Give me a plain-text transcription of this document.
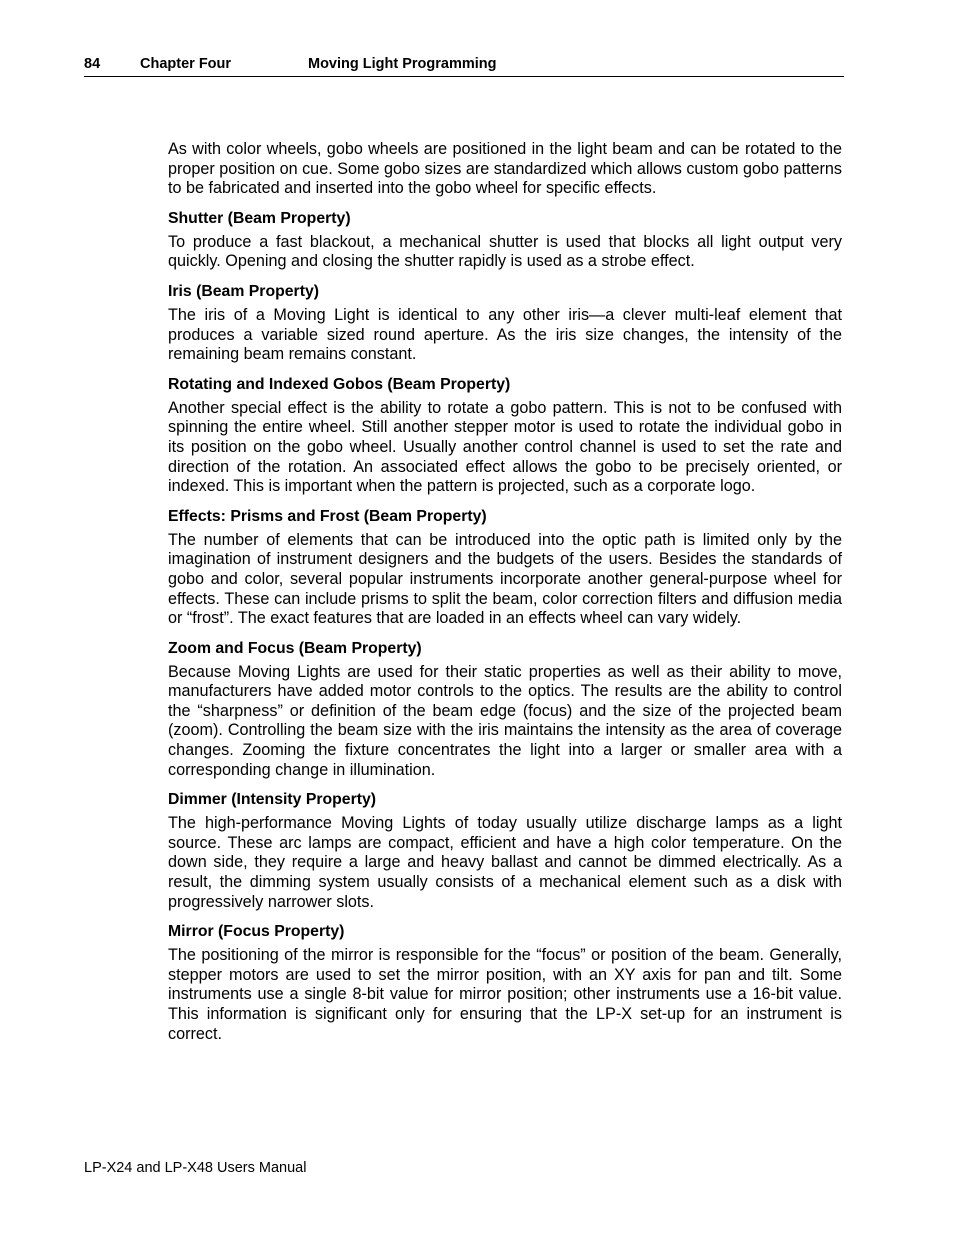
84	Chapter Four	Moving Light Programming

As with color wheels, gobo wheels are positioned in the light beam and can be rotated to the proper position on cue. Some gobo sizes are standardized which allows custom gobo patterns to be fabricated and inserted into the gobo wheel for specific effects.

Shutter (Beam Property)

To produce a fast blackout, a mechanical shutter is used that blocks all light output very quickly. Opening and closing the shutter rapidly is used as a strobe effect.

Iris (Beam Property)

The iris of a Moving Light is identical to any other iris—a clever multi-leaf element that produces a variable sized round aperture. As the iris size changes, the intensity of the remaining beam remains constant.

Rotating and Indexed Gobos (Beam Property)

Another special effect is the ability to rotate a gobo pattern. This is not to be confused with spinning the entire wheel. Still another stepper motor is used to rotate the individual gobo in its position on the gobo wheel. Usually another control channel is used to set the rate and direction of the rotation. An associated effect allows the gobo to be precisely oriented, or indexed. This is important when the pattern is projected, such as a corporate logo.

Effects: Prisms and Frost (Beam Property)

The number of elements that can be introduced into the optic path is limited only by the imagination of instrument designers and the budgets of the users. Besides the standards of gobo and color, several popular instruments incorporate another general-purpose wheel for effects. These can include prisms to split the beam, color correction filters and diffusion media or “frost”. The exact features that are loaded in an effects wheel can vary widely.

Zoom and Focus (Beam Property)

Because Moving Lights are used for their static properties as well as their ability to move, manufacturers have added motor controls to the optics. The results are the ability to control the “sharpness” or definition of the beam edge (focus) and the size of the projected beam (zoom). Controlling the beam size with the iris maintains the intensity as the area of coverage changes. Zooming the fixture concentrates the light into a larger or smaller area with a corresponding change in illumination.

Dimmer (Intensity Property)

The high-performance Moving Lights of today usually utilize discharge lamps as a light source. These arc lamps are compact, efficient and have a high color temperature. On the down side, they require a large and heavy ballast and cannot be dimmed electrically. As a result, the dimming system usually consists of a mechanical element such as a disk with progressively narrower slots.

Mirror (Focus Property)

The positioning of the mirror is responsible for the “focus” or position of the beam. Generally, stepper motors are used to set the mirror position, with an XY axis for pan and tilt. Some instruments use a single 8-bit value for mirror position; other instruments use a 16-bit value. This information is significant only for ensuring that the LP-X set-up for an instrument is correct.

LP-X24 and LP-X48 Users Manual
